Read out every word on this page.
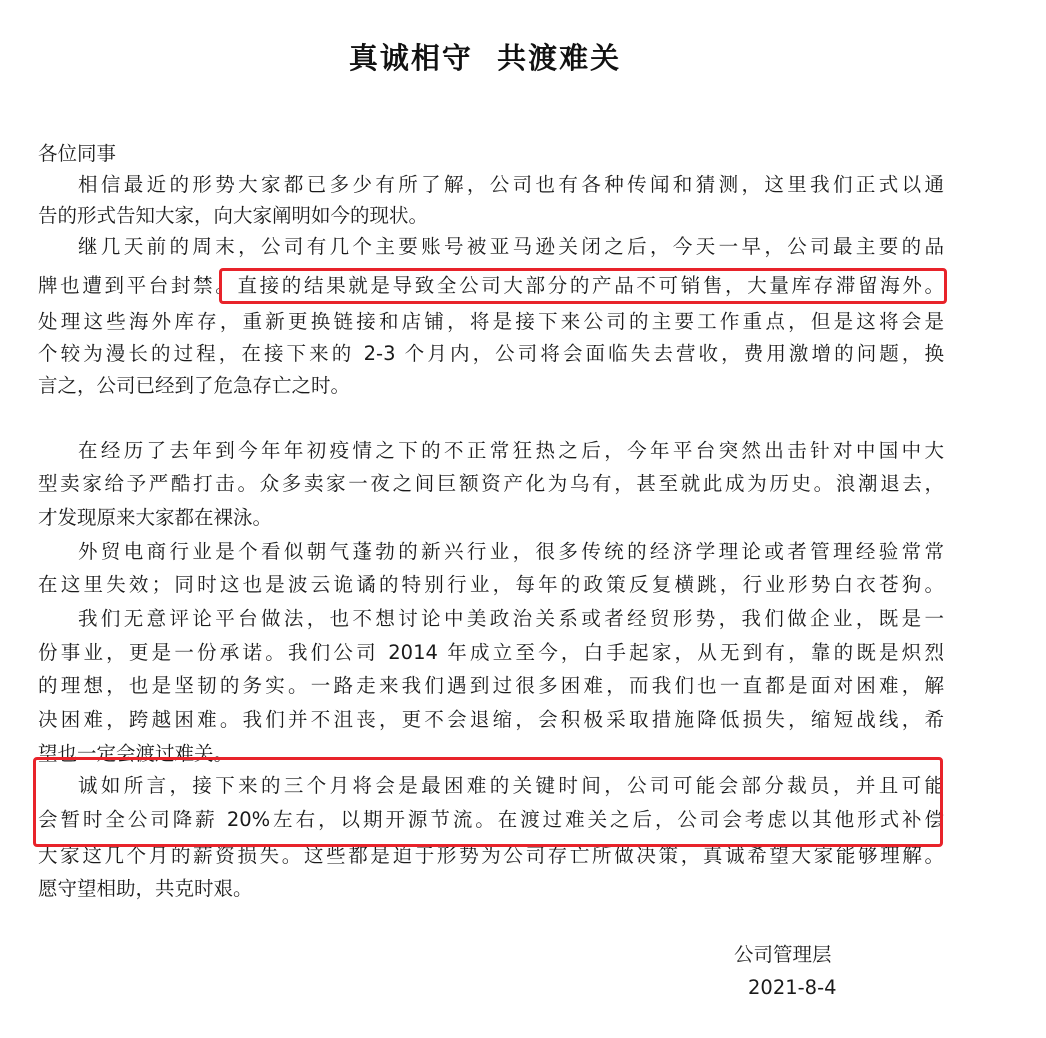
真诚相守  共渡难关
各位同事
相信最近的形势大家都已多少有所了解，公司也有各种传闻和猜测，这里我们正式以通
告的形式告知大家，向大家阐明如今的现状。
继几天前的周末，公司有几个主要账号被亚马逊关闭之后，今天一早，公司最主要的品
牌也遭到平台封禁。直接的结果就是导致全公司大部分的产品不可销售，大量库存滞留海外。
处理这些海外库存，重新更换链接和店铺，将是接下来公司的主要工作重点，但是这将会是
个较为漫长的过程，在接下来的 2-3 个月内，公司将会面临失去营收，费用激增的问题，换
言之，公司已经到了危急存亡之时。
在经历了去年到今年年初疫情之下的不正常狂热之后，今年平台突然出击针对中国中大
型卖家给予严酷打击。众多卖家一夜之间巨额资产化为乌有，甚至就此成为历史。浪潮退去，
才发现原来大家都在裸泳。
外贸电商行业是个看似朝气蓬勃的新兴行业，很多传统的经济学理论或者管理经验常常
在这里失效；同时这也是波云诡谲的特别行业，每年的政策反复横跳，行业形势白衣苍狗。
我们无意评论平台做法，也不想讨论中美政治关系或者经贸形势，我们做企业，既是一
份事业，更是一份承诺。我们公司 2014 年成立至今，白手起家，从无到有，靠的既是炽烈
的理想，也是坚韧的务实。一路走来我们遇到过很多困难，而我们也一直都是面对困难，解
决困难，跨越困难。我们并不沮丧，更不会退缩，会积极采取措施降低损失，缩短战线，希
望也一定会渡过难关。
诚如所言，接下来的三个月将会是最困难的关键时间，公司可能会部分裁员，并且可能
会暂时全公司降薪 20%左右，以期开源节流。在渡过难关之后，公司会考虑以其他形式补偿
大家这几个月的薪资损失。这些都是迫于形势为公司存亡所做决策，真诚希望大家能够理解。
愿守望相助，共克时艰。
公司管理层
2021-8-4
